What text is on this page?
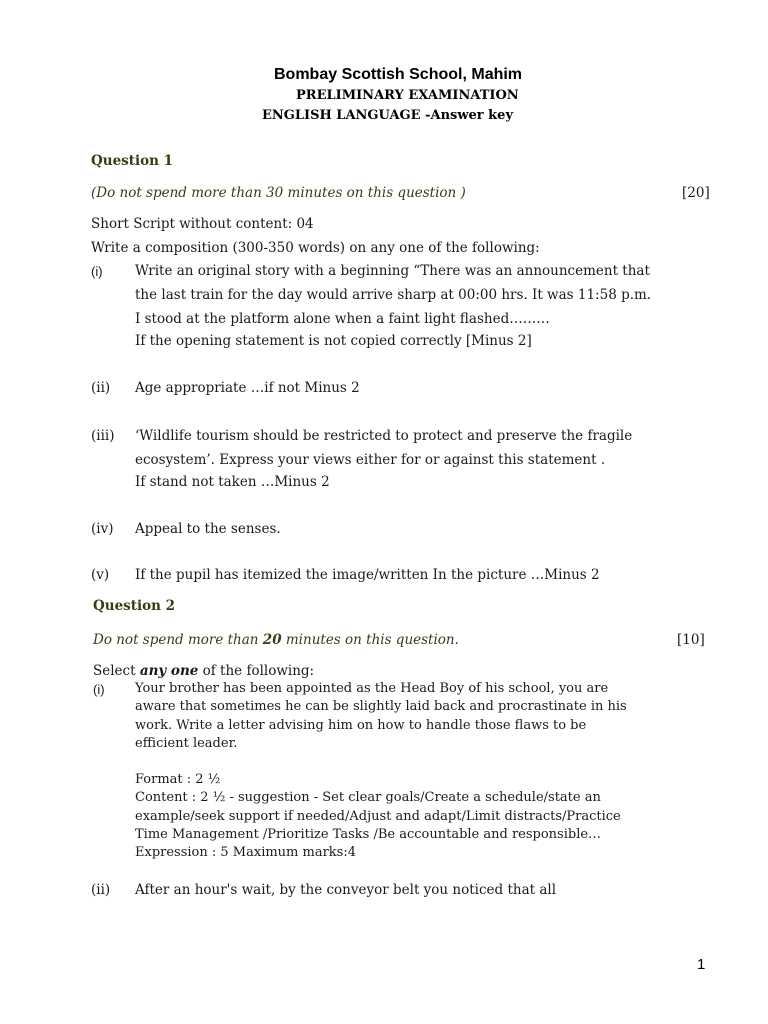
Bombay Scottish School, Mahim
PRELIMINARY EXAMINATION
ENGLISH LANGUAGE -Answer key
Question 1
(Do not spend more than 30 minutes on this question )	[20]
Short Script without content: 04
Write a composition (300-350 words) on any one of the following:
(i) Write an original story with a beginning “There was an announcement that
the last train for the day would arrive sharp at 00:00 hrs. It was 11:58 p.m.
I stood at the platform alone when a faint light flashed………
If the opening statement is not copied correctly [Minus 2]
(ii) Age appropriate …if not Minus 2
(iii) ‘Wildlife tourism should be restricted to protect and preserve the fragile
ecosystem’. Express your views either for or against this statement .
If stand not taken …Minus 2
(iv) Appeal to the senses.
(v) If the pupil has itemized the image/written In the picture …Minus 2
Question 2
Do not spend more than 20 minutes on this question.	[10]
Select any one of the following:
(i) Your brother has been appointed as the Head Boy of his school, you are
aware that sometimes he can be slightly laid back and procrastinate in his
work. Write a letter advising him on how to handle those flaws to be
efficient leader.
Format : 2 ½
Content : 2 ½ - suggestion - Set clear goals/Create a schedule/state an
example/seek support if needed/Adjust and adapt/Limit distracts/Practice
Time Management /Prioritize Tasks /Be accountable and responsible…
Expression : 5 Maximum marks:4
(ii) After an hour's wait, by the conveyor belt you noticed that all
1
